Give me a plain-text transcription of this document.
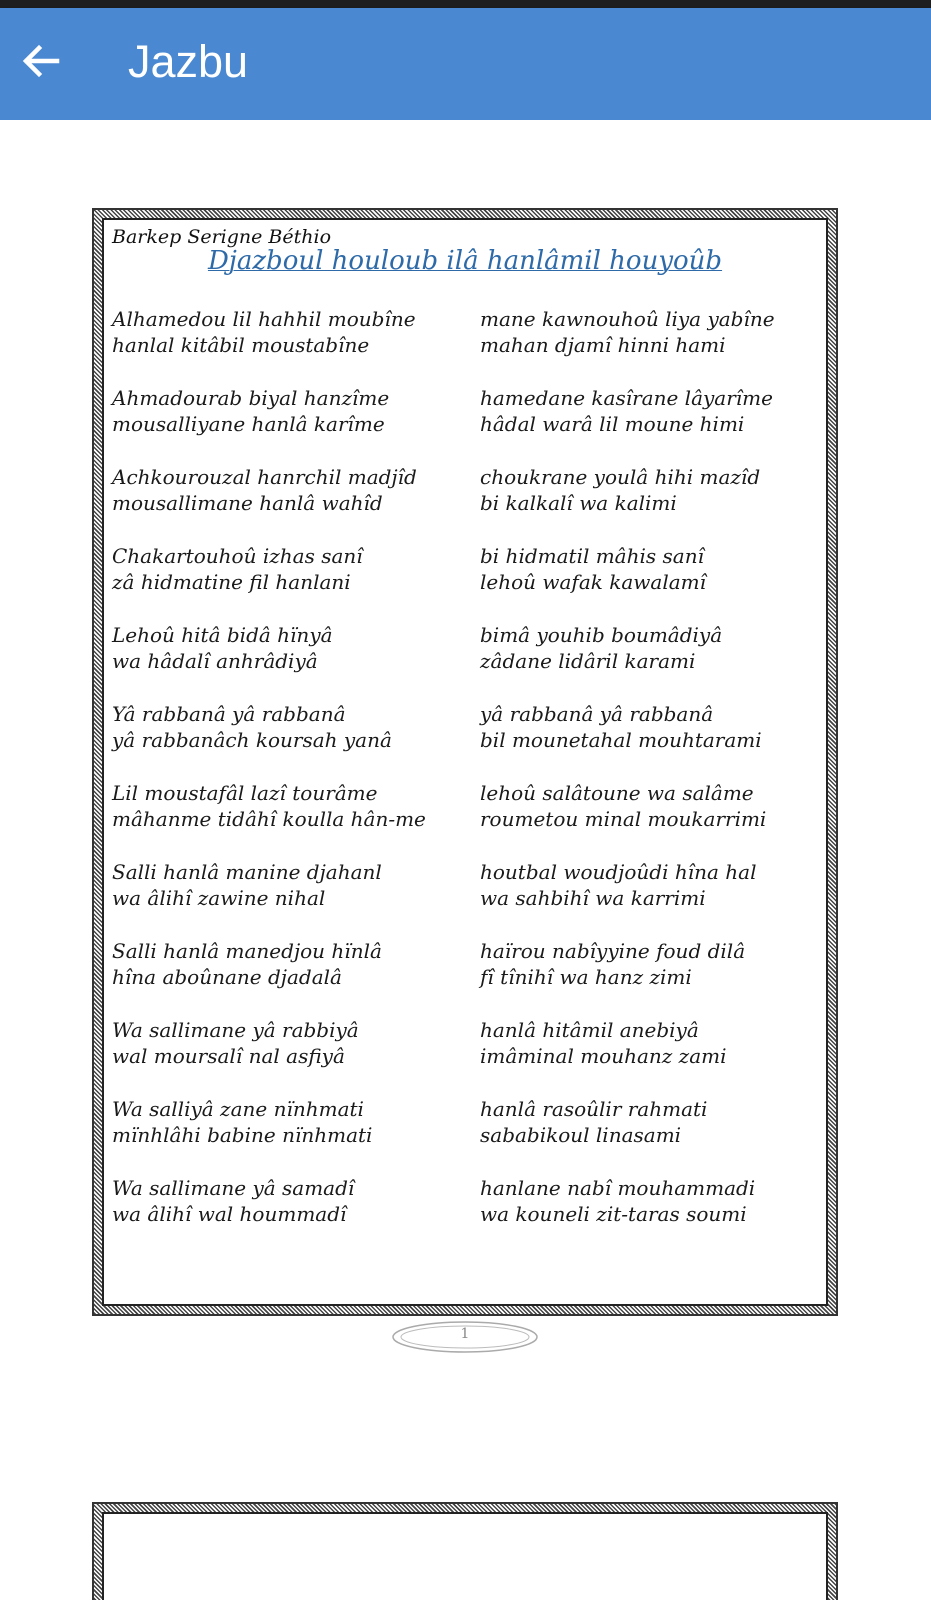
Jazbu
Barkep Serigne Béthio
Djazboul houloub ilâ hanlâmil houyoûb
Alhamedou lil hahhil moubîne
hanlal kitâbil moustabîne
mane kawnouhoû liya yabîne
mahan djamî hinni hami
Ahmadourab biyal hanzîme
mousalliyane hanlâ karîme
hamedane kasîrane lâyarîme
hâdal warâ lil moune himi
Achkourouzal hanrchil madjîd
mousallimane hanlâ wahîd
choukrane youlâ hihi mazîd
bi kalkalî wa kalimi
Chakartouhoû izhas sanî
zâ hidmatine fil hanlani
bi hidmatil mâhis sanî
lehoû wafak kawalamî
Lehoû hitâ bidâ hïnyâ
wa hâdalî anhrâdiyâ
bimâ youhib boumâdiyâ
zâdane lidâril karami
Yâ rabbanâ yâ rabbanâ
yâ rabbanâch koursah yanâ
yâ rabbanâ yâ rabbanâ
bil mounetahal mouhtarami
Lil moustafâl lazî tourâme
mâhanme tidâhî koulla hân-me
lehoû salâtoune wa salâme
roumetou minal moukarrimi
Salli hanlâ manine djahanl
wa âlihî zawine nihal
houtbal woudjoûdi hîna hal
wa sahbihî wa karrimi
Salli hanlâ manedjou hïnlâ
hîna aboûnane djadalâ
haïrou nabîyyine foud dilâ
fî tînihî wa hanz zimi
Wa sallimane yâ rabbiyâ
wal moursalî nal asfiyâ
hanlâ hitâmil anebiyâ
imâminal mouhanz zami
Wa salliyâ zane nïnhmati
mïnhlâhi babine nïnhmati
hanlâ rasoûlir rahmati
sababikoul linasami
Wa sallimane yâ samadî
wa âlihî wal hoummadî
hanlane nabî mouhammadi
wa kouneli zit-taras soumi
1
